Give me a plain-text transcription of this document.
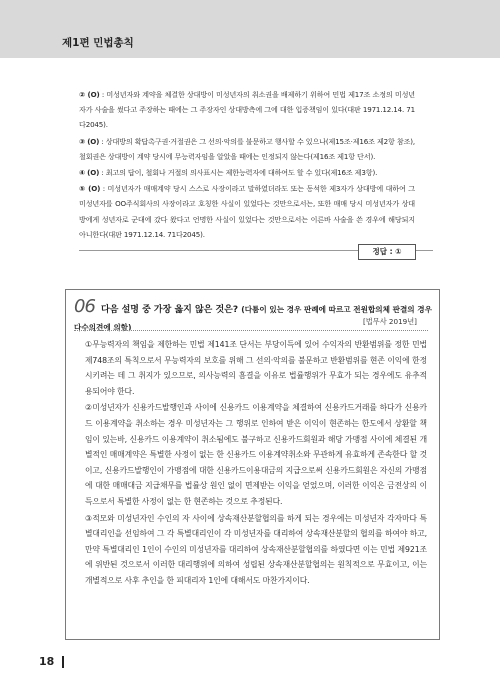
제1편 민법총칙
② (O) : 미성년자와 계약을 체결한 상대방이 미성년자의 취소권을 배제하기 위하여 민법 제17조 소정의 미성년자가 사술을 썼다고 주장하는 때에는 그 주장자인 상대방측에 그에 대한 입증책임이 있다(대판 1971.12.14. 71다2045).
③ (O) : 상대방의 확답촉구권·거절권은 그 선의·악의를 불문하고 행사할 수 있으나(제15조·제16조 제2항 참조), 철회권은 상대방이 계약 당시에 무능력자임을 알았을 때에는 인정되지 않는다(제16조 제1항 단서).
④ (O) : 최고의 답이, 철회나 거절의 의사표시는 제한능력자에 대하여도 할 수 있다(제16조 제3항).
⑤ (O) : 미성년자가 매매계약 당시 스스로 사장이라고 말하였더라도 또는 동석한 제3자가 상대방에 대하여 그 미성년자를 OO주식회사의 사장이라고 호칭한 사실이 있었다는 것만으로서는, 또한 매매 당시 미성년자가 상대방에게 성년자로 군대에 갔다 왔다고 언명한 사실이 있었다는 것만으로서는 이른바 사술을 쓴 경우에 해당되지 아니한다(대판 1971.12.14. 71다2045).
정답 : ①
06 다음 설명 중 가장 옳지 않은 것은? (다툼이 있는 경우 판례에 따르고 전원합의체 판결의 경우 다수의견에 의함)
[법무사 2019년]
①무능력자의 책임을 제한하는 민법 제141조 단서는 부당이득에 있어 수익자의 반환범위를 정한 민법 제748조의 특칙으로서 무능력자의 보호를 위해 그 선의·악의를 불문하고 반환범위를 현존 이익에 한정시키려는 데 그 취지가 있으므로, 의사능력의 흠결을 이유로 법률행위가 무효가 되는 경우에도 유추적용되어야 한다.
②미성년자가 신용카드발행인과 사이에 신용카드 이용계약을 체결하여 신용카드거래를 하다가 신용카드 이용계약을 취소하는 경우 미성년자는 그 행위로 인하여 받은 이익이 현존하는 한도에서 상환할 책임이 있는바, 신용카드 이용계약이 취소됨에도 불구하고 신용카드회원과 해당 가맹점 사이에 체결된 개별적인 매매계약은 특별한 사정이 없는 한 신용카드 이용계약취소와 무관하게 유효하게 존속한다 할 것이고, 신용카드발행인이 가맹점에 대한 신용카드이용대금의 지급으로써 신용카드회원은 자신의 가맹점에 대한 매매대금 지급채무를 법률상 원인 없이 면제받는 이익을 얻었으며, 이러한 이익은 금전상의 이득으로서 특별한 사정이 없는 한 현존하는 것으로 추정된다.
③적모와 미성년자인 수인의 자 사이에 상속재산분할협의를 하게 되는 경우에는 미성년자 각자마다 특별대리인을 선임하여 그 각 특별대리인이 각 미성년자를 대리하여 상속재산분할의 협의를 하여야 하고, 만약 특별대리인 1인이 수인의 미성년자를 대리하여 상속재산분할협의를 하였다면 이는 민법 제921조에 위반된 것으로서 이러한 대리행위에 의하여 성립된 상속재산분할협의는 원칙적으로 무효이고, 이는 개별적으로 사후 추인을 한 피대리자 1인에 대해서도 마찬가지이다.
18
